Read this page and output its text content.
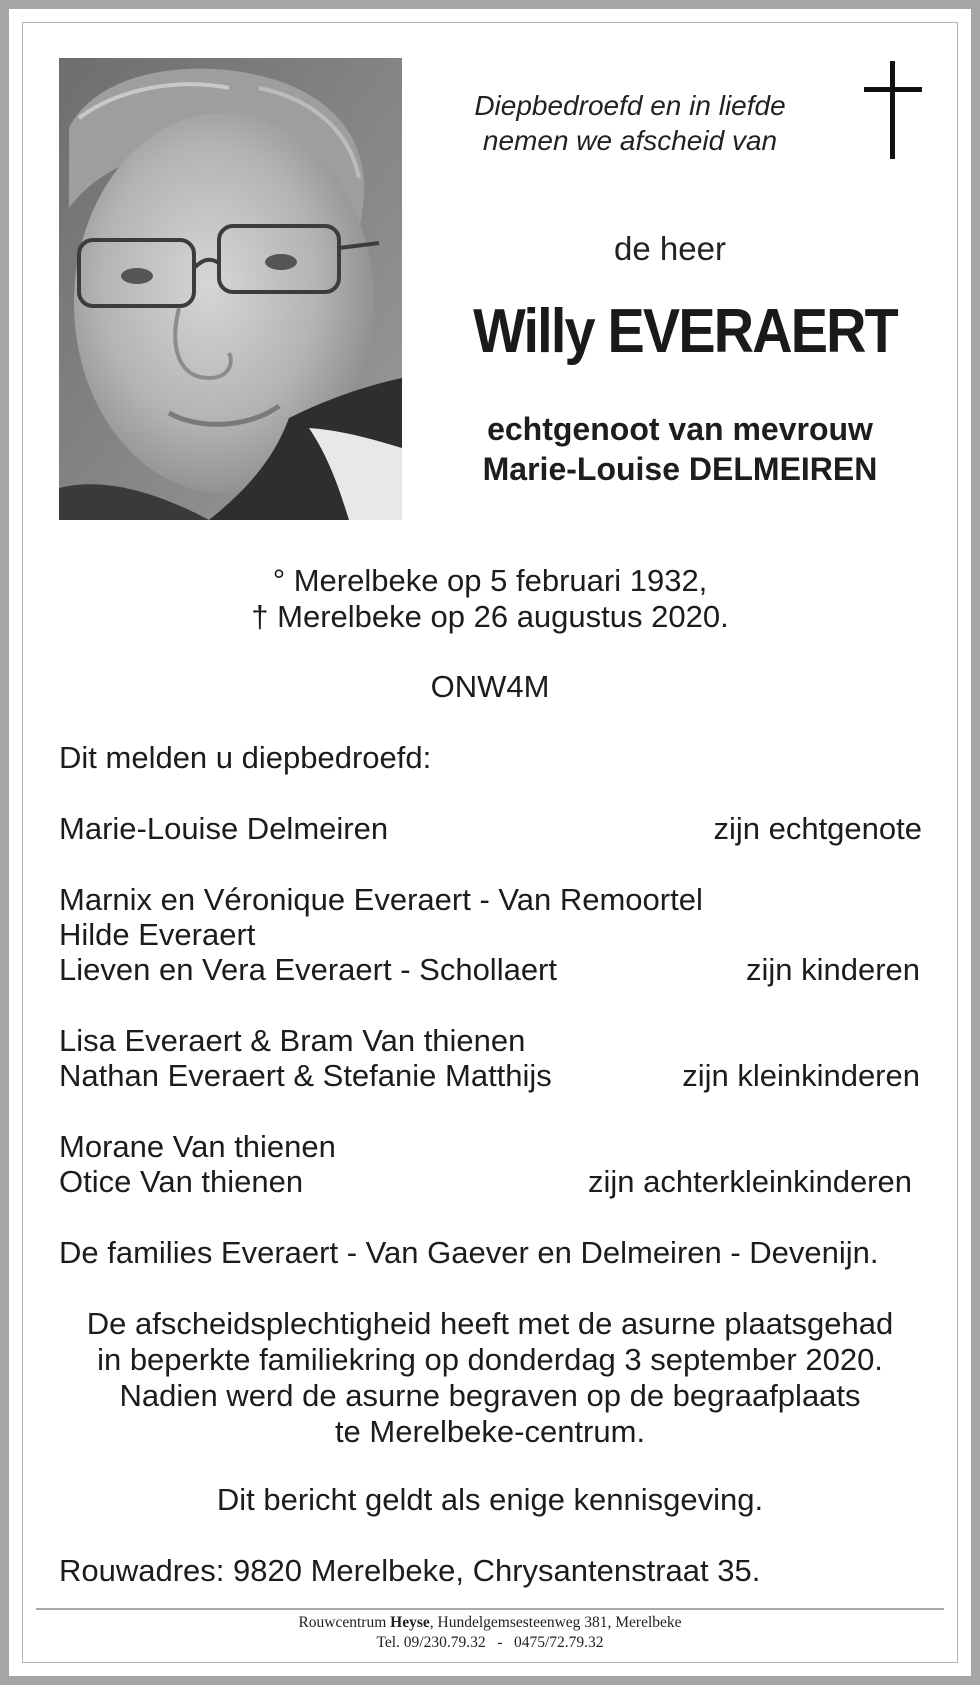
Diepbedroefd en in liefde
nemen we afscheid van
de heer
Willy EVERAERT
echtgenoot van mevrouw
Marie-Louise DELMEIREN
° Merelbeke op 5 februari 1932,
† Merelbeke op 26 augustus 2020.
ONW4M
Dit melden u diepbedroefd:
Marie-Louise Delmeiren	zijn echtgenote
Marnix en Véronique Everaert - Van Remoortel
Hilde Everaert
Lieven en Vera Everaert - Schollaert	zijn kinderen
Lisa Everaert & Bram Van thienen
Nathan Everaert & Stefanie Matthijs	zijn kleinkinderen
Morane Van thienen
Otice Van thienen	zijn achterkleinkinderen
De families Everaert - Van Gaever en Delmeiren - Devenijn.
De afscheidsplechtigheid heeft met de asurne plaatsgehad
in beperkte familiekring op donderdag 3 september 2020.
Nadien werd de asurne begraven op de begraafplaats
te Merelbeke-centrum.
Dit bericht geldt als enige kennisgeving.
Rouwadres: 9820 Merelbeke, Chrysantenstraat 35.
Rouwcentrum Heyse, Hundelgemsesteenweg 381, Merelbeke
Tel. 09/230.79.32   -   0475/72.79.32
